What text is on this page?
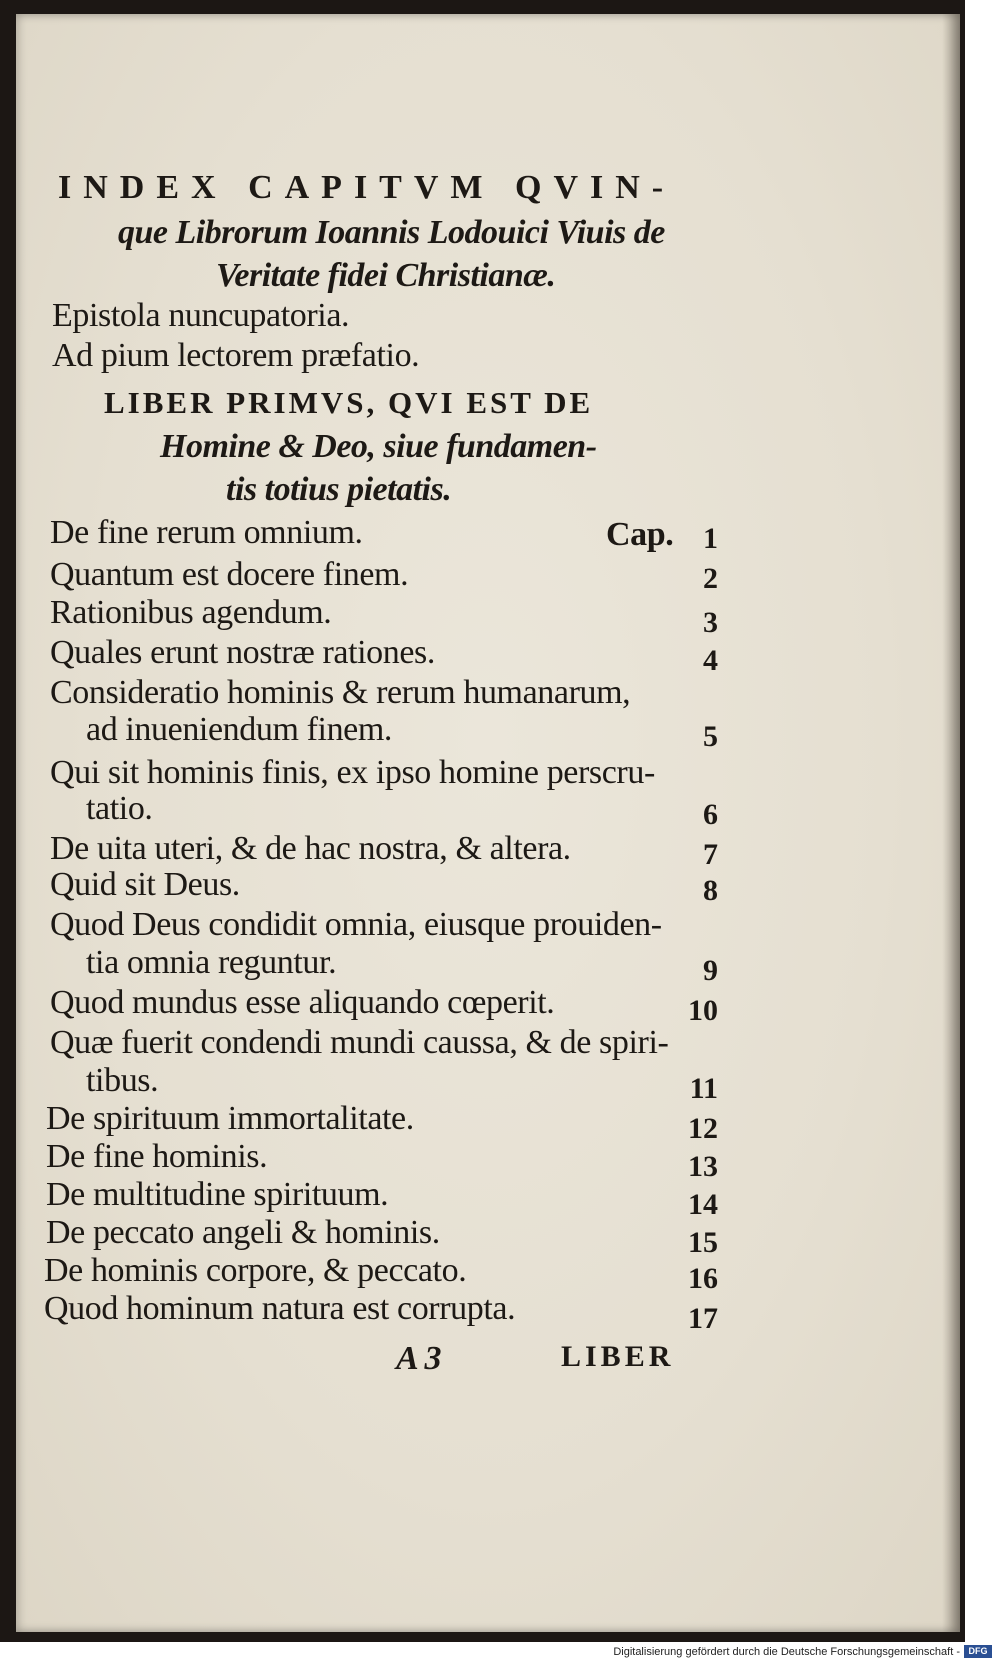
INDEX CAPITVM QVIN-
que Librorum Ioannis Lodouici Viuis de
Veritate fidei Christianæ.
Epistola nuncupatoria.
Ad pium lectorem præfatio.
LIBER PRIMVS, QVI EST DE
Homine & Deo, siue fundamen-
tis totius pietatis.
De fine rerum omnium.	Cap. 1
Quantum est docere finem.	2
Rationibus agendum.	3
Quales erunt nostræ rationes.	4
Consideratio hominis & rerum humanarum,
ad inueniendum finem.	5
Qui sit hominis finis, ex ipso homine perscru-
tatio.	6
De uita uteri, & de hac nostra, & altera.	7
Quid sit Deus.	8
Quod Deus condidit omnia, eiusque prouiden-
tia omnia reguntur.	9
Quod mundus esse aliquando cœperit.	10
Quæ fuerit condendi mundi caussa, & de spiri-
tibus.	11
De spirituum immortalitate.	12
De fine hominis.	13
De multitudine spirituum.	14
De peccato angeli & hominis.	15
De hominis corpore, & peccato.	16
Quod hominum natura est corrupta.	17
A 3	LIBER
Digitalisierung gefördert durch die Deutsche Forschungsgemeinschaft - DFG
